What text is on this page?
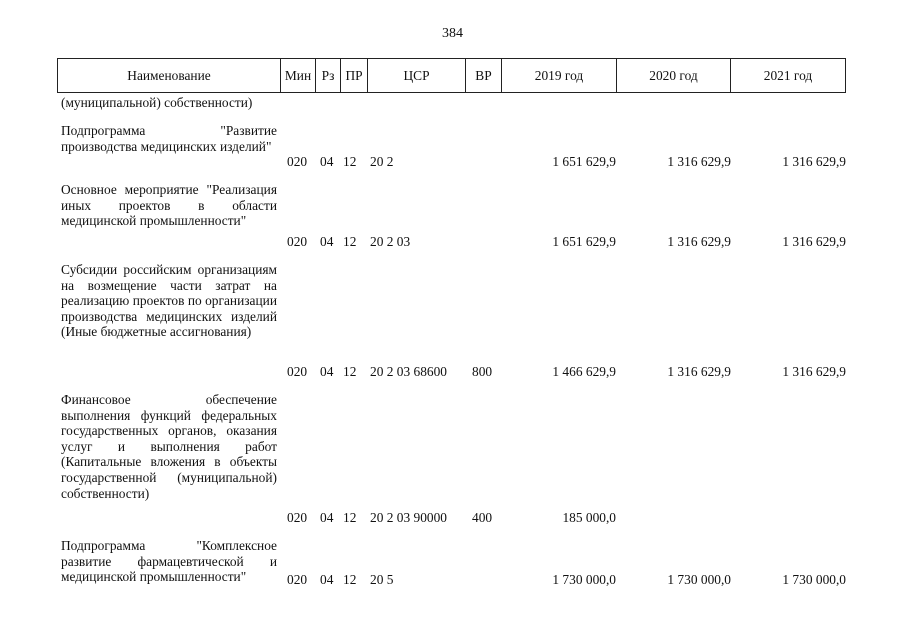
384
Наименование	Мин Рз ПР	ЦСР	ВР	2019 год	2020 год	2021 год
(муниципальной) собственности)
Подпрограмма "Развитие производства медицинских изделий"
020 04 12 20 2	1 651 629,9	1 316 629,9	1 316 629,9
Основное мероприятие "Реализация иных проектов в области медицинской промышленности"
020 04 12 20 2 03	1 651 629,9	1 316 629,9	1 316 629,9
Субсидии российским организациям на возмещение части затрат на реализацию проектов по организации производства медицинских изделий (Иные бюджетные ассигнования)
020 04 12 20 2 03 68600 800	1 466 629,9	1 316 629,9	1 316 629,9
Финансовое обеспечение выполнения функций федеральных государственных органов, оказания услуг и выполнения работ (Капитальные вложения в объекты государственной (муниципальной) собственности)
020 04 12 20 2 03 90000 400	185 000,0
Подпрограмма "Комплексное развитие фармацевтической и медицинской промышленности"	020 04 12 20 5	1 730 000,0	1 730 000,0	1 730 000,0
